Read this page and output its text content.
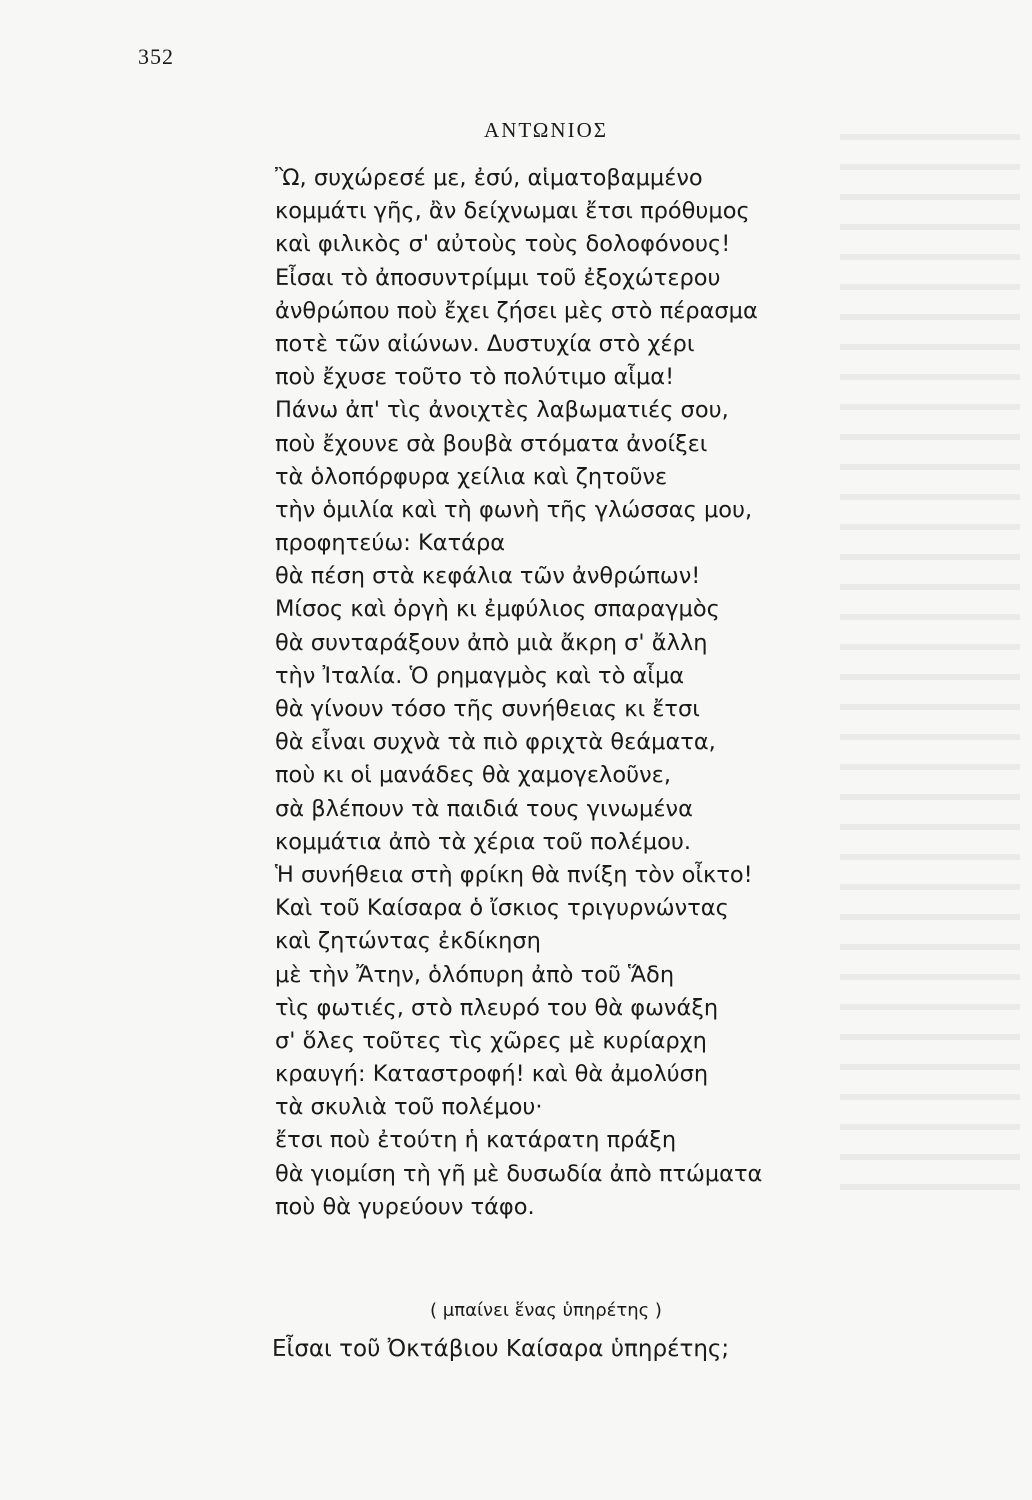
352
ΑΝΤΩΝΙΟΣ
Ὢ, συχώρεσέ με, ἐσύ, αἱματοβαμμένο
κομμάτι γῆς, ἂν δείχνωμαι ἔτσι πρόθυμος
καὶ φιλικὸς σ' αὐτοὺς τοὺς δολοφόνους!
Εἶσαι τὸ ἀποσυντρίμμι τοῦ ἐξοχώτερου
ἀνθρώπου ποὺ ἔχει ζήσει μὲς στὸ πέρασμα
ποτὲ τῶν αἰώνων. Δυστυχία στὸ χέρι
ποὺ ἔχυσε τοῦτο τὸ πολύτιμο αἷμα!
Πάνω ἀπ' τὶς ἀνοιχτὲς λαβωματιές σου,
ποὺ ἔχουνε σὰ βουβὰ στόματα ἀνοίξει
τὰ ὁλοπόρφυρα χείλια καὶ ζητοῦνε
τὴν ὁμιλία καὶ τὴ φωνὴ τῆς γλώσσας μου,
προφητεύω: Κατάρα
θὰ πέση στὰ κεφάλια τῶν ἀνθρώπων!
Μίσος καὶ ὀργὴ κι ἐμφύλιος σπαραγμὸς
θὰ συνταράξουν ἀπὸ μιὰ ἄκρη σ' ἄλλη
τὴν Ἰταλία. Ὁ ρημαγμὸς καὶ τὸ αἷμα
θὰ γίνουν τόσο τῆς συνήθειας κι ἔτσι
θὰ εἶναι συχνὰ τὰ πιὸ φριχτὰ θεάματα,
ποὺ κι οἱ μανάδες θὰ χαμογελοῦνε,
σὰ βλέπουν τὰ παιδιά τους γινωμένα
κομμάτια ἀπὸ τὰ χέρια τοῦ πολέμου.
Ἡ συνήθεια στὴ φρίκη θὰ πνίξη τὸν οἶκτο!
Καὶ τοῦ Καίσαρα ὁ ἴσκιος τριγυρνώντας
καὶ ζητώντας ἐκδίκηση
μὲ τὴν Ἄτην, ὁλόπυρη ἀπὸ τοῦ Ἅδη
τὶς φωτιές, στὸ πλευρό του θὰ φωνάξη
σ' ὅλες τοῦτες τὶς χῶρες μὲ κυρίαρχη
κραυγή: Καταστροφή! καὶ θὰ ἀμολύση
τὰ σκυλιὰ τοῦ πολέμου·
ἔτσι ποὺ ἐτούτη ἡ κατάρατη πράξη
θὰ γιομίση τὴ γῆ μὲ δυσωδία ἀπὸ πτώματα
ποὺ θὰ γυρεύουν τάφο.
( μπαίνει ἕνας ὑπηρέτης )
Εἶσαι τοῦ Ὀκτάβιου Καίσαρα ὑπηρέτης;
